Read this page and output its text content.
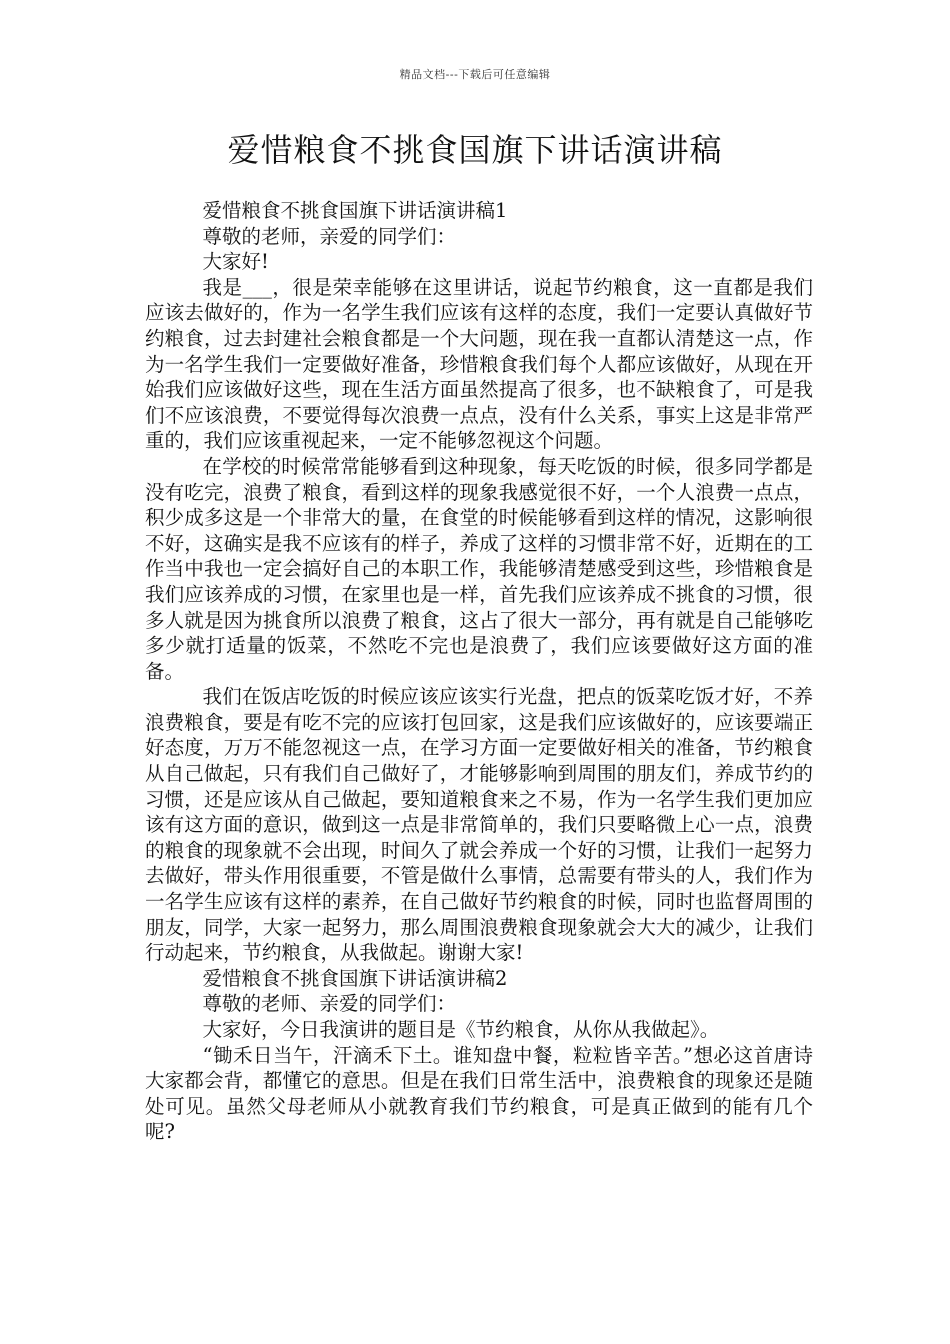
精品文档---下载后可任意编辑
爱惜粮食不挑食国旗下讲话演讲稿

爱惜粮食不挑食国旗下讲话演讲稿1

尊敬的老师，亲爱的同学们：

大家好!

我是___，很是荣幸能够在这里讲话，说起节约粮食，这一直都是我们应该去做好的，作为一名学生我们应该有这样的态度，我们一定要认真做好节约粮食，过去封建社会粮食都是一个大问题，现在我一直都认清楚这一点，作为一名学生我们一定要做好准备，珍惜粮食我们每个人都应该做好，从现在开始我们应该做好这些，现在生活方面虽然提高了很多，也不缺粮食了，可是我们不应该浪费，不要觉得每次浪费一点点，没有什么关系，事实上这是非常严重的，我们应该重视起来，一定不能够忽视这个问题。

在学校的时候常常能够看到这种现象，每天吃饭的时候，很多同学都是没有吃完，浪费了粮食，看到这样的现象我感觉很不好，一个人浪费一点点，积少成多这是一个非常大的量，在食堂的时候能够看到这样的情况，这影响很不好，这确实是我不应该有的样子，养成了这样的习惯非常不好，近期在的工作当中我也一定会搞好自己的本职工作，我能够清楚感受到这些，珍惜粮食是我们应该养成的习惯，在家里也是一样，首先我们应该养成不挑食的习惯，很多人就是因为挑食所以浪费了粮食，这占了很大一部分，再有就是自己能够吃多少就打适量的饭菜，不然吃不完也是浪费了，我们应该要做好这方面的准备。

我们在饭店吃饭的时候应该应该实行光盘，把点的饭菜吃饭才好，不养浪费粮食，要是有吃不完的应该打包回家，这是我们应该做好的，应该要端正好态度，万万不能忽视这一点，在学习方面一定要做好相关的准备，节约粮食从自己做起，只有我们自己做好了，才能够影响到周围的朋友们，养成节约的习惯，还是应该从自己做起，要知道粮食来之不易，作为一名学生我们更加应该有这方面的意识，做到这一点是非常简单的，我们只要略微上心一点，浪费的粮食的现象就不会出现，时间久了就会养成一个好的习惯，让我们一起努力去做好，带头作用很重要，不管是做什么事情，总需要有带头的人，我们作为一名学生应该有这样的素养，在自己做好节约粮食的时候，同时也监督周围的朋友，同学，大家一起努力，那么周围浪费粮食现象就会大大的减少，让我们行动起来，节约粮食，从我做起。谢谢大家!

爱惜粮食不挑食国旗下讲话演讲稿2

尊敬的老师、亲爱的同学们：

大家好，今日我演讲的题目是《节约粮食，从你从我做起》。

“锄禾日当午，汗滴禾下土。谁知盘中餐，粒粒皆辛苦。”想必这首唐诗大家都会背，都懂它的意思。但是在我们日常生活中，浪费粮食的现象还是随处可见。虽然父母老师从小就教育我们节约粮食，可是真正做到的能有几个呢?
